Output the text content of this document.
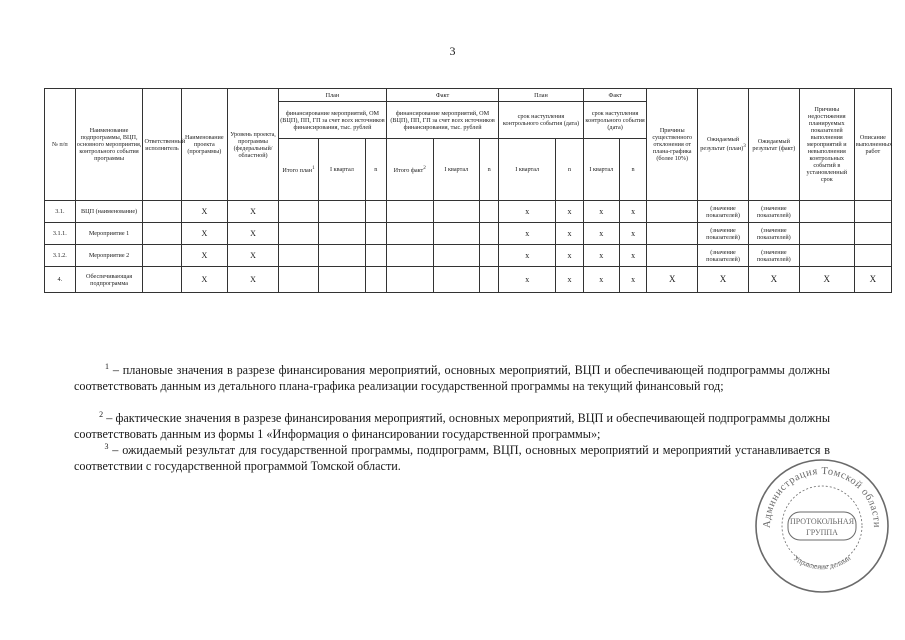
3
№ п/п	Наименование подпрограммы, ВЦП, основного мероприятия, контрольного события программы	Ответственный исполнитель	Наименование проекта (программы)	Уровень проекта, программы (федеральный/ областной)	План			Факт			План		Факт		Причины существенного отклонения от плана-графика (более 10%)	Ожидаемый результат (план)$^3$	Ожидаемый результат (факт)	Причины недостижения планируемых показателей выполнения мероприятий и невыполнения контрольных событий в установленный срок	Описание выполненных работ
					финансирование мероприятий, ОМ (ВЦП), ПП, ГП за счет всех источников финансирования, тыс. рублей			финансирование мероприятий, ОМ (ВЦП), ПП, ГП за счет всех источников финансирования, тыс. рублей			срок наступления контрольного события (дата)		срок наступления контрольного события (дата)						
					Итого план$^1$	I квартал	n	Итого факт$^2$	I квартал	n	I квартал	n	I квартал	n					
3.1.	ВЦП (наименование)		Х	Х							х	х	х	х		(значение показателей)	(значение показателей)		
3.1.1.	Мероприятие 1		Х	Х							х	х	х	х		(значение показателей)	(значение показателей)		
3.1.2.	Мероприятие 2		Х	Х							х	х	х	х		(значение показателей)	(значение показателей)		
4.	Обеспечивающая подпрограмма		Х	Х							х	х	х	х	Х	Х	Х	Х	Х
$^1$ – плановые значения в разрезе финансирования мероприятий, основных мероприятий, ВЦП и обеспечивающей подпрограммы должны соответствовать данным из детального плана-графика реализации государственной программы на текущий финансовый год;
$^2$ – фактические значения в разрезе финансирования мероприятий, основных мероприятий, ВЦП и обеспечивающей подпрограммы должны соответствовать данным из формы 1 «Информация о финансировании государственной программы»;
$^3$ – ожидаемый результат для государственной программы, подпрограмм, ВЦП, основных мероприятий и мероприятий устанавливается в соответствии с государственной программой Томской области.
Администрация Томской области
Управление делами
ПРОТОКОЛЬНАЯ
ГРУППА
